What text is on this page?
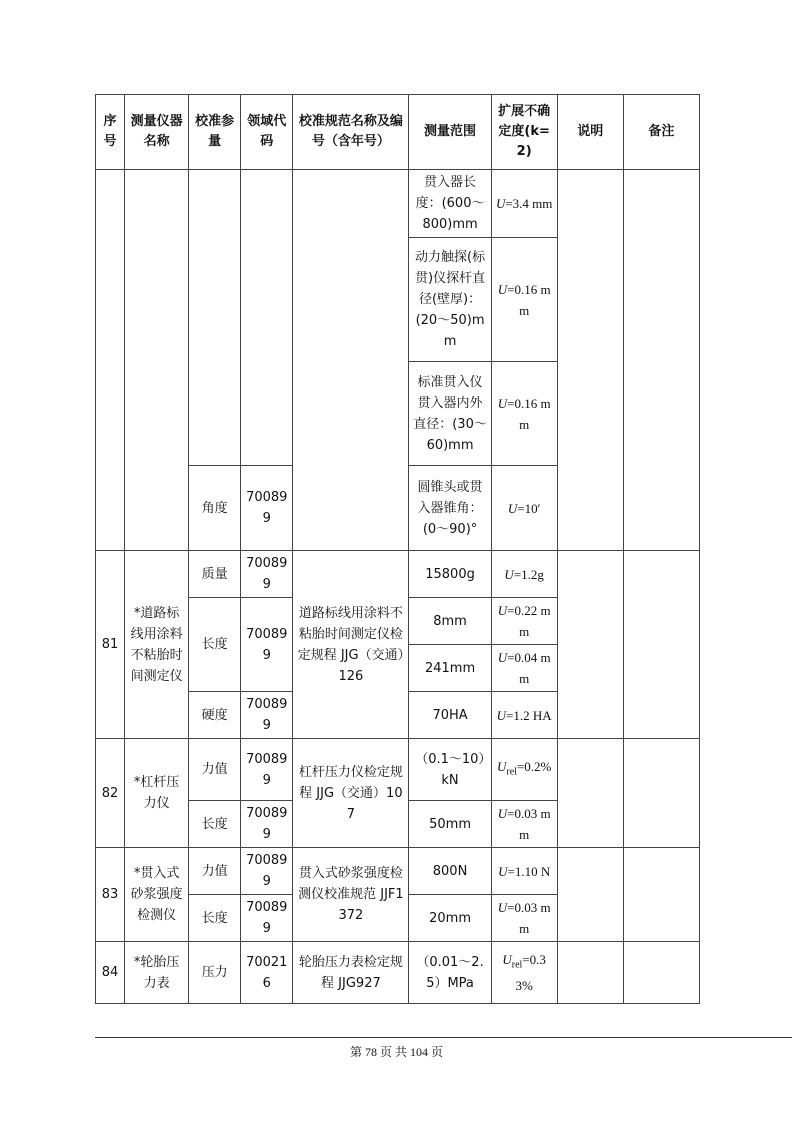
序号	测量仪器名称	校准参量	领域代码	校准规范名称及编号（含年号）	测量范围	扩展不确定度(k=2)	说明	备注
					贯入器长度：(600～800)mm	U=3.4 mm		
					动力触探(标贯)仪探杆直径(壁厚)：(20～50)mm	U=0.16 mm		
					标准贯入仪贯入器内外直径：(30～60)mm	U=0.16 mm		
		角度	700899		圆锥头或贯入器锥角：(0～90)°	U=10′		
81	*道路标线用涂料不粘胎时间测定仪	质量	700899	道路标线用涂料不粘胎时间测定仪检定规程 JJG（交通）126	15800g	U=1.2g		
		长度	700899		8mm	U=0.22 mm		
					241mm	U=0.04 mm		
		硬度	700899		70HA	U=1.2 HA		
82	*杠杆压力仪	力值	700899	杠杆压力仪检定规程 JJG（交通）107	（0.1～10）kN	$U_{rel}=0.2\%$		
		长度	700899		50mm	U=0.03 mm		
83	*贯入式砂浆强度检测仪	力值	700899	贯入式砂浆强度检测仪校准规范 JJF1372	800N	U=1.10 N		
		长度	700899		20mm	U=0.03 mm		
84	*轮胎压力表	压力	700216	轮胎压力表检定规程 JJG927	（0.01～2.5）MPa	$U_{rel}=0.33\%$		
第 78 页 共 104 页
